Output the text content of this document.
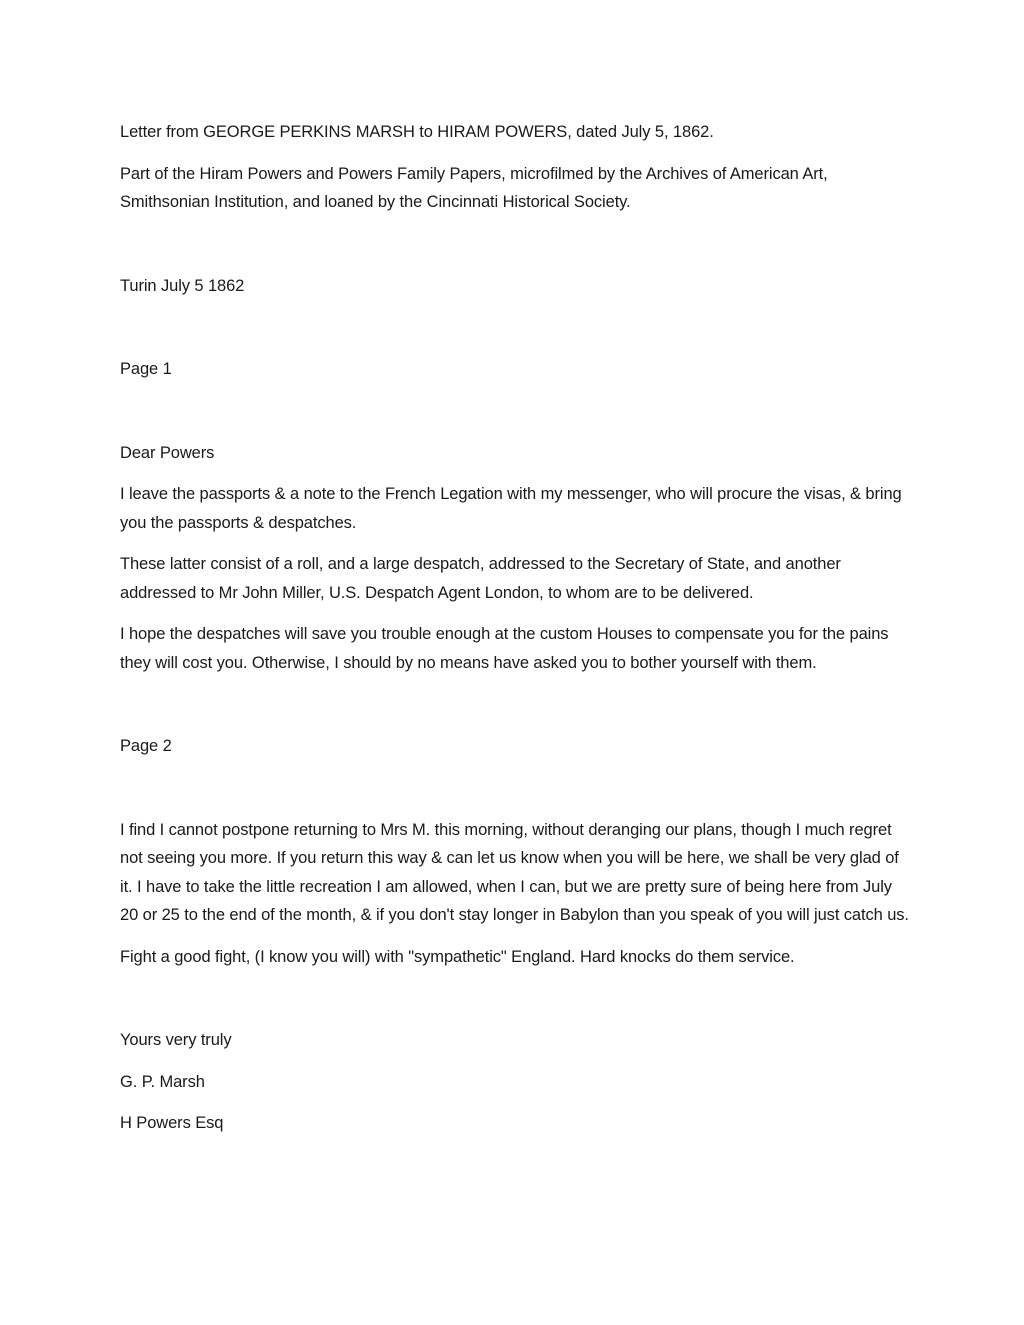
Letter from GEORGE PERKINS MARSH to HIRAM POWERS, dated July 5, 1862.

Part of the Hiram Powers and Powers Family Papers, microfilmed by the Archives of American Art, Smithsonian Institution, and loaned by the Cincinnati Historical Society.

Turin July 5 1862

Page 1

Dear Powers

I leave the passports & a note to the French Legation with my messenger, who will procure the visas, & bring you the passports & despatches.

These latter consist of a roll, and a large despatch, addressed to the Secretary of State, and another addressed to Mr John Miller, U.S. Despatch Agent London, to whom are to be delivered.

I hope the despatches will save you trouble enough at the custom Houses to compensate you for the pains they will cost you. Otherwise, I should by no means have asked you to bother yourself with them.

Page 2

I find I cannot postpone returning to Mrs M. this morning, without deranging our plans, though I much regret not seeing you more. If you return this way & can let us know when you will be here, we shall be very glad of it. I have to take the little recreation I am allowed, when I can, but we are pretty sure of being here from July 20 or 25 to the end of the month, & if you don't stay longer in Babylon than you speak of you will just catch us.

Fight a good fight, (I know you will) with "sympathetic" England. Hard knocks do them service.

Yours very truly

G. P. Marsh

H Powers Esq
